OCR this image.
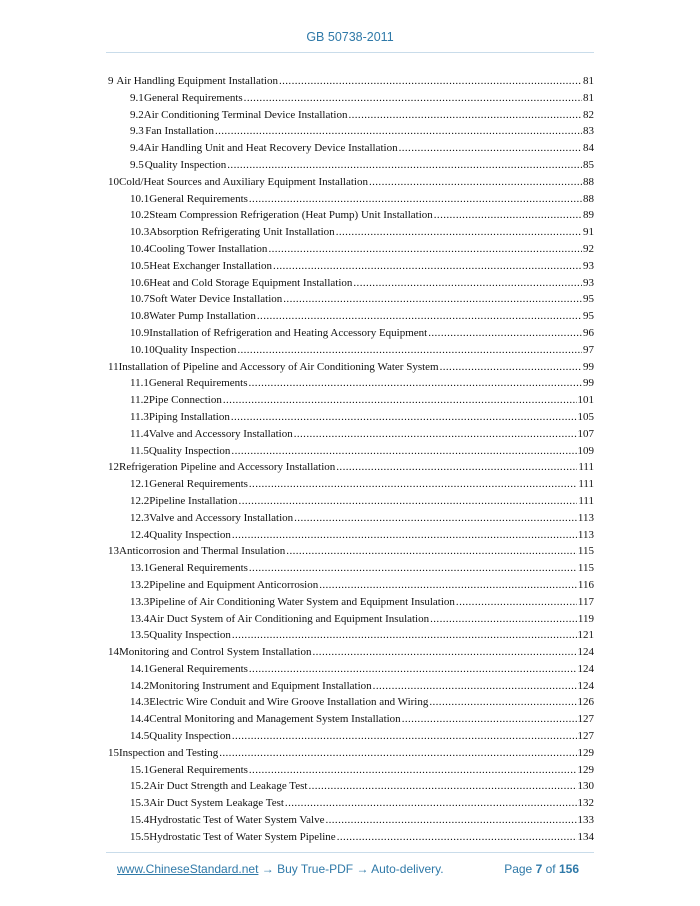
GB 50738-2011
9 Air Handling Equipment Installation .....	81
9.1 General Requirements .....	81
9.2 Air Conditioning Terminal Device Installation .....	82
9.3 Fan Installation .....	83
9.4 Air Handling Unit and Heat Recovery Device Installation .....	84
9.5 Quality Inspection .....	85
10 Cold/Heat Sources and Auxiliary Equipment Installation .....	88
10.1 General Requirements .....	88
10.2 Steam Compression Refrigeration (Heat Pump) Unit Installation .....	89
10.3 Absorption Refrigerating Unit Installation .....	91
10.4 Cooling Tower Installation .....	92
10.5 Heat Exchanger Installation .....	93
10.6 Heat and Cold Storage Equipment Installation .....	93
10.7 Soft Water Device Installation .....	95
10.8 Water Pump Installation .....	95
10.9 Installation of Refrigeration and Heating Accessory Equipment .....	96
10.10 Quality Inspection .....	97
11 Installation of Pipeline and Accessory of Air Conditioning Water System .....	99
11.1 General Requirements .....	99
11.2 Pipe Connection .....	101
11.3 Piping Installation .....	105
11.4 Valve and Accessory Installation .....	107
11.5 Quality Inspection .....	109
12 Refrigeration Pipeline and Accessory Installation .....	111
12.1 General Requirements .....	111
12.2 Pipeline Installation .....	111
12.3 Valve and Accessory Installation .....	113
12.4 Quality Inspection .....	113
13 Anticorrosion and Thermal Insulation .....	115
13.1 General Requirements .....	115
13.2 Pipeline and Equipment Anticorrosion .....	116
13.3 Pipeline of Air Conditioning Water System and Equipment Insulation .....	117
13.4 Air Duct System of Air Conditioning and Equipment Insulation .....	119
13.5 Quality Inspection .....	121
14 Monitoring and Control System Installation .....	124
14.1 General Requirements .....	124
14.2 Monitoring Instrument and Equipment Installation .....	124
14.3 Electric Wire Conduit and Wire Groove Installation and Wiring .....	126
14.4 Central Monitoring and Management System Installation .....	127
14.5 Quality Inspection .....	127
15 Inspection and Testing .....	129
15.1 General Requirements .....	129
15.2 Air Duct Strength and Leakage Test .....	130
15.3 Air Duct System Leakage Test .....	132
15.4 Hydrostatic Test of Water System Valve .....	133
15.5 Hydrostatic Test of Water System Pipeline .....	134
www.ChineseStandard.net → Buy True-PDF → Auto-delivery.	Page 7 of 156
